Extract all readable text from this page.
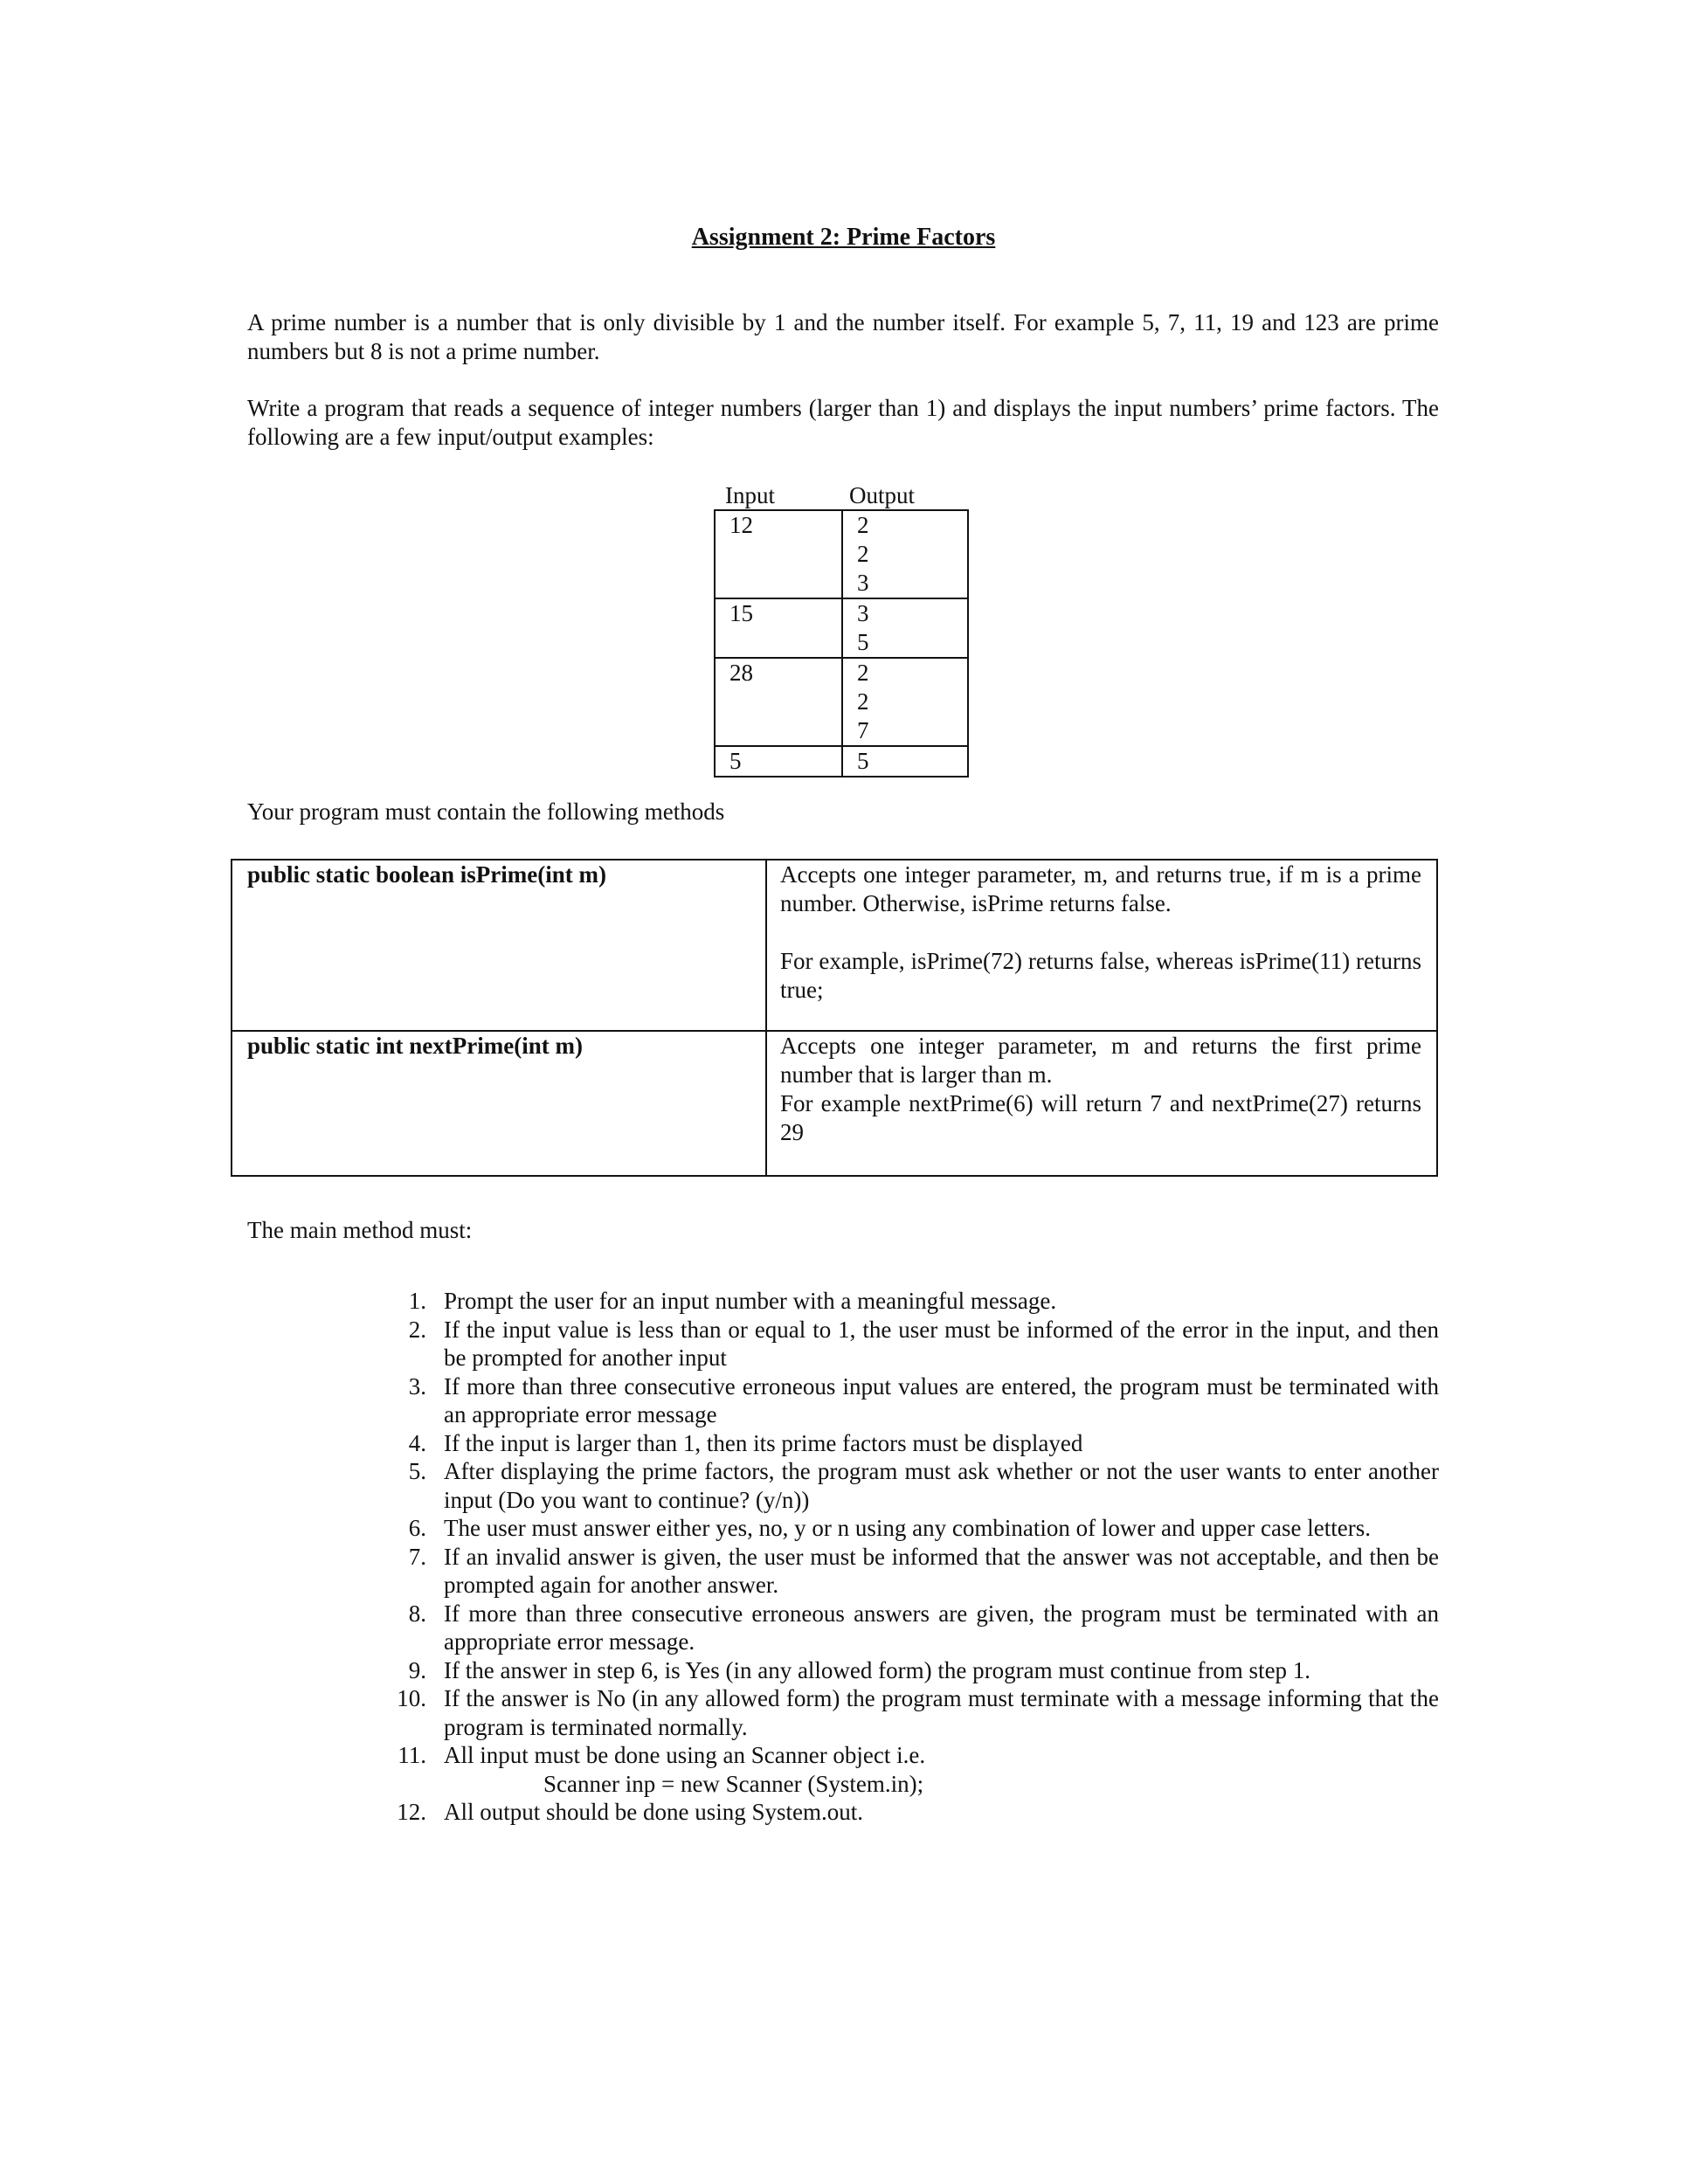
Assignment 2: Prime Factors

A prime number is a number that is only divisible by 1 and the number itself. For example 5, 7, 11, 19 and 123 are prime numbers but 8 is not a prime number.

Write a program that reads a sequence of integer numbers (larger than 1) and displays the input numbers’ prime factors. The following are a few input/output examples:

Input	Output
12	2
2
3

15	3
5

28	2
2
7

5	5

Your program must contain the following methods

public static boolean isPrime(int m)	Accepts one integer parameter, m, and returns true, if m is a prime number. Otherwise, isPrime returns false.

For example, isPrime(72) returns false, whereas isPrime(11) returns true;

public static int nextPrime(int m)	Accepts one integer parameter, m and returns the first prime number that is larger than m.

For example nextPrime(6) will return 7 and nextPrime(27) returns 29

The main method must:

1. Prompt the user for an input number with a meaningful message.
2. If the input value is less than or equal to 1, the user must be informed of the error in the input, and then be prompted for another input
3. If more than three consecutive erroneous input values are entered, the program must be terminated with an appropriate error message
4. If the input is larger than 1, then its prime factors must be displayed
5. After displaying the prime factors, the program must ask whether or not the user wants to enter another input (Do you want to continue? (y/n))
6. The user must answer either yes, no, y or n using any combination of lower and upper case letters.
7. If an invalid answer is given, the user must be informed that the answer was not acceptable, and then be prompted again for another answer.
8. If more than three consecutive erroneous answers are given, the program must be terminated with an appropriate error message.
9. If the answer in step 6, is Yes (in any allowed form) the program must continue from step 1.
10. If the answer is No (in any allowed form) the program must terminate with a message informing that the program is terminated normally.
11. All input must be done using an Scanner object i.e.
Scanner inp = new Scanner (System.in);
12. All output should be done using System.out.
